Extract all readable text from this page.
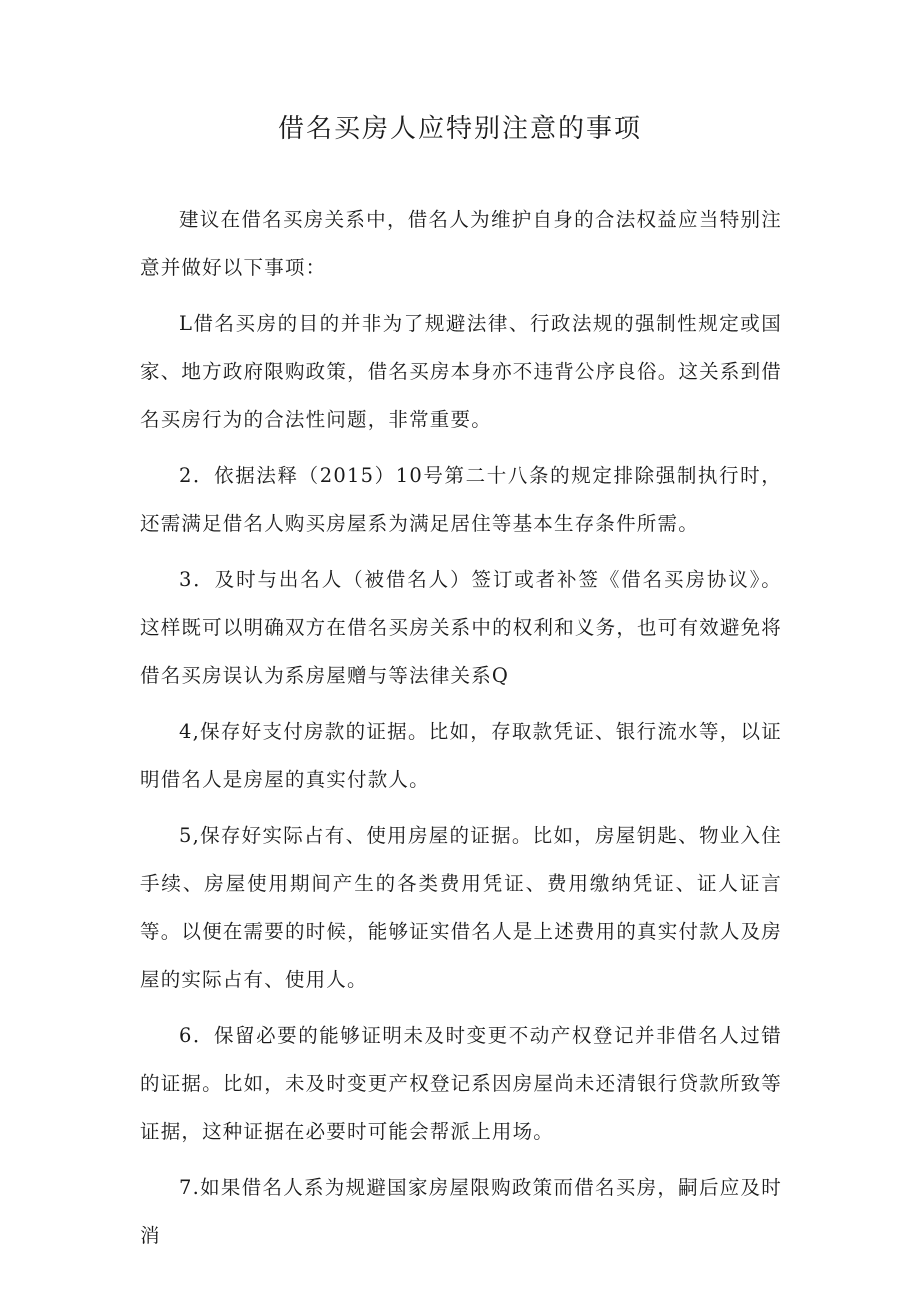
借名买房人应特别注意的事项

建议在借名买房关系中，借名人为维护自身的合法权益应当特别注意并做好以下事项：

L借名买房的目的并非为了规避法律、行政法规的强制性规定或国家、地方政府限购政策，借名买房本身亦不违背公序良俗。这关系到借名买房行为的合法性问题，非常重要。

2．依据法释（2015）10号第二十八条的规定排除强制执行时，还需满足借名人购买房屋系为满足居住等基本生存条件所需。

3．及时与出名人（被借名人）签订或者补签《借名买房协议》。这样既可以明确双方在借名买房关系中的权利和义务，也可有效避免将借名买房误认为系房屋赠与等法律关系Q

4,保存好支付房款的证据。比如，存取款凭证、银行流水等，以证明借名人是房屋的真实付款人。

5,保存好实际占有、使用房屋的证据。比如，房屋钥匙、物业入住手续、房屋使用期间产生的各类费用凭证、费用缴纳凭证、证人证言等。以便在需要的时候，能够证实借名人是上述费用的真实付款人及房屋的实际占有、使用人。

6．保留必要的能够证明未及时变更不动产权登记并非借名人过错的证据。比如，未及时变更产权登记系因房屋尚未还清银行贷款所致等证据，这种证据在必要时可能会帮派上用场。

7.如果借名人系为规避国家房屋限购政策而借名买房，嗣后应及时消
